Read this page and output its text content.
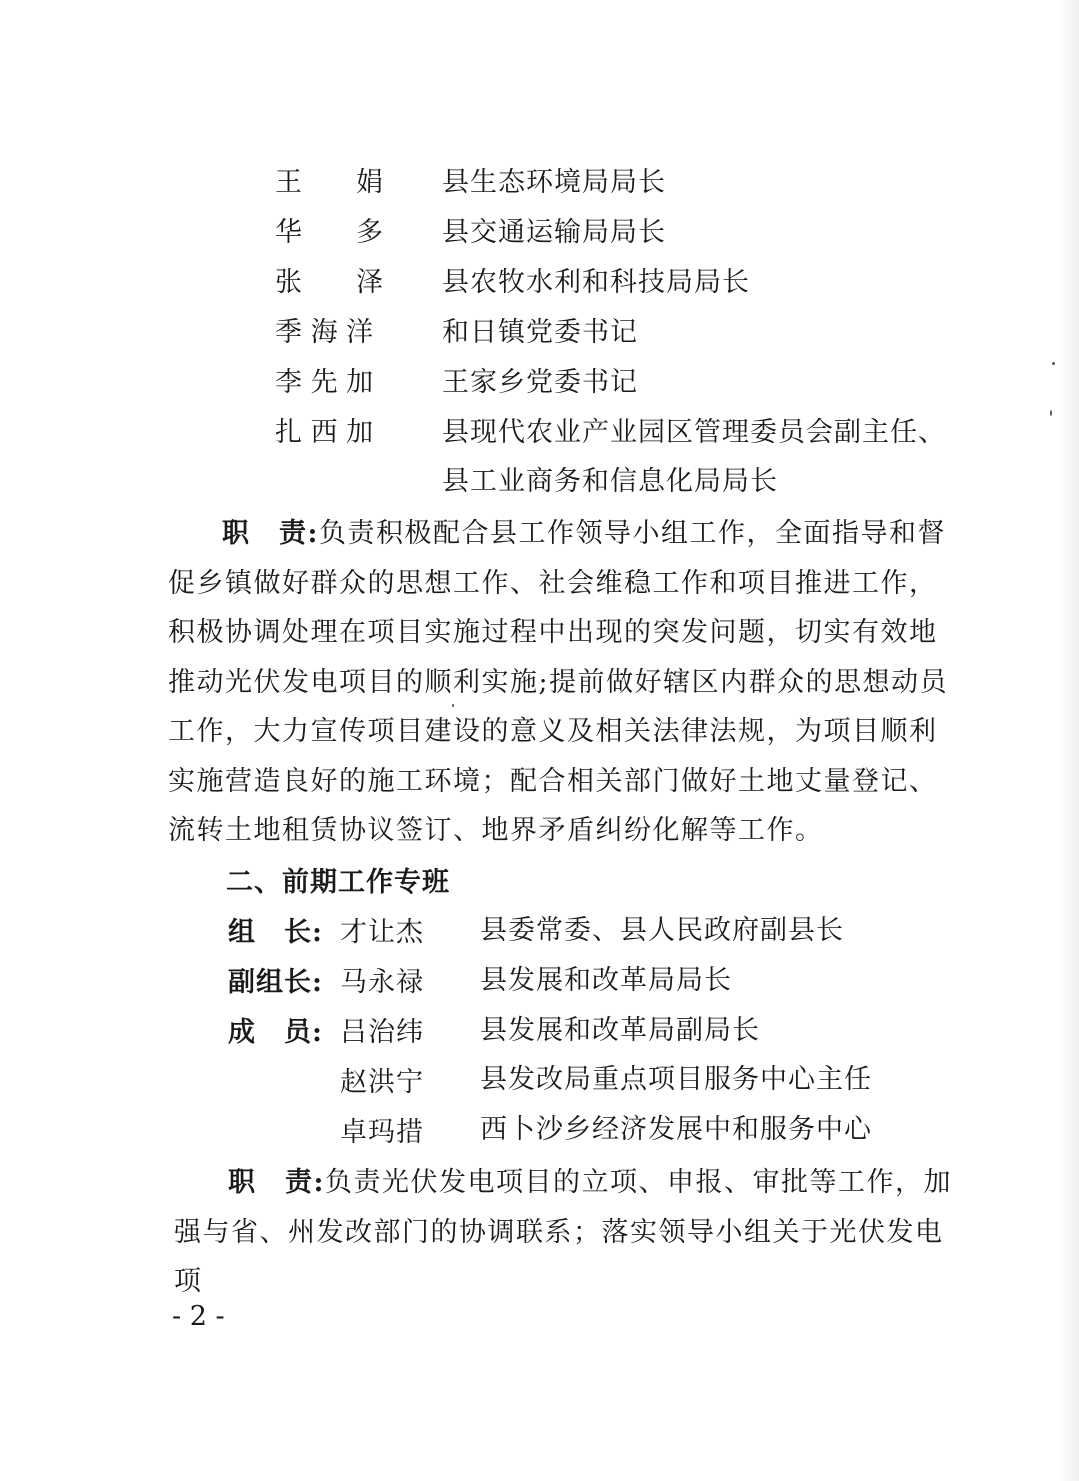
王　　娟 县生态环境局局长
华　　多 县交通运输局局长
张　　泽 县农牧水利和科技局局长
季 海 洋	和日镇党委书记
李 先 加	王家乡党委书记
扎 西 加	县现代农业产业园区管理委员会副主任、
县工业商务和信息化局局长
职　责:负责积极配合县工作领导小组工作，全面指导和督促乡镇做好群众的思想工作、社会维稳工作和项目推进工作，积极协调处理在项目实施过程中出现的突发问题，切实有效地推动光伏发电项目的顺利实施;提前做好辖区内群众的思想动员工作，大力宣传项目建设的意义及相关法律法规，为项目顺利实施营造良好的施工环境；配合相关部门做好土地丈量登记、流转土地租赁协议签订、地界矛盾纠纷化解等工作。
二、前期工作专班
组　长: 才让杰 县委常委、县人民政府副县长
副组长: 马永禄 县发展和改革局局长
成　员: 吕治纬 县发展和改革局副局长
赵洪宁 县发改局重点项目服务中心主任
卓玛措 西卜沙乡经济发展中和服务中心
职　责:负责光伏发电项目的立项、申报、审批等工作，加强与省、州发改部门的协调联系；落实领导小组关于光伏发电项
- 2 -
